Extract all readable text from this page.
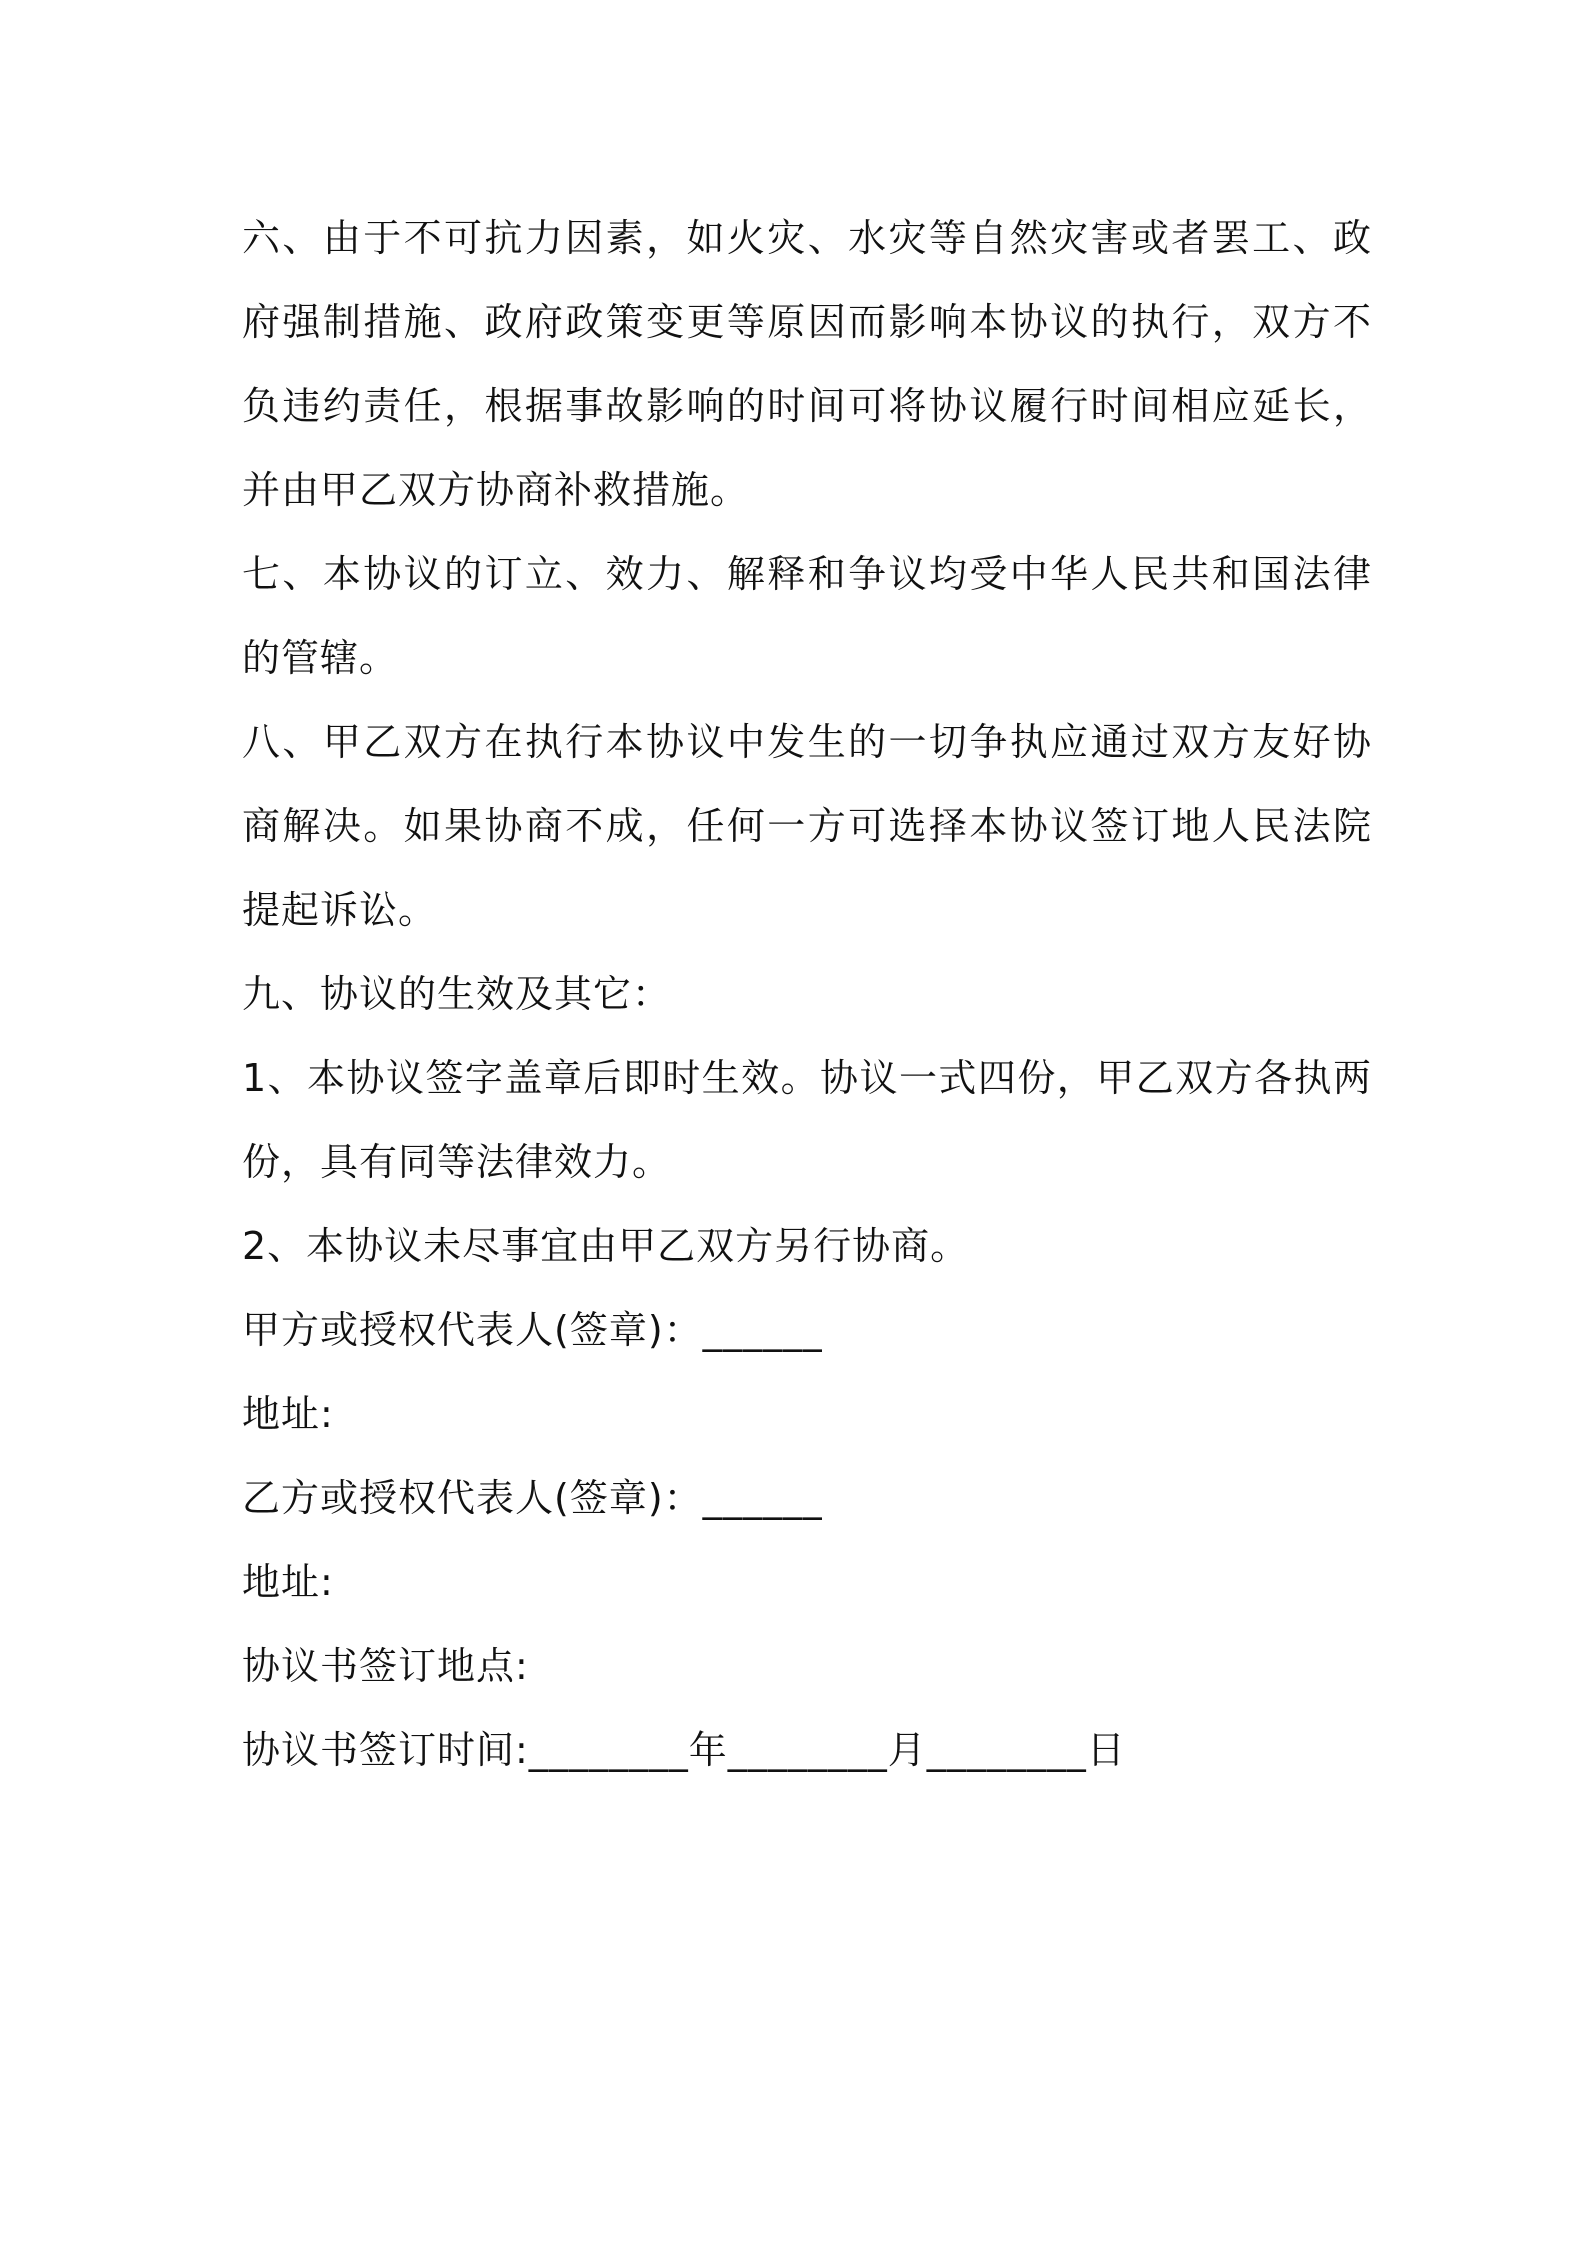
六、由于不可抗力因素，如火灾、水灾等自然灾害或者罢工、政府强制措施、政府政策变更等原因而影响本协议的执行，双方不负违约责任，根据事故影响的时间可将协议履行时间相应延长，并由甲乙双方协商补救措施。

七、本协议的订立、效力、解释和争议均受中华人民共和国法律的管辖。

八、甲乙双方在执行本协议中发生的一切争执应通过双方友好协商解决。如果协商不成，任何一方可选择本协议签订地人民法院提起诉讼。

九、协议的生效及其它：

1、本协议签字盖章后即时生效。协议一式四份，甲乙双方各执两份，具有同等法律效力。

2、本协议未尽事宜由甲乙双方另行协商。

甲方或授权代表人(签章)：______

地址:

乙方或授权代表人(签章)：______

地址:

协议书签订地点:

协议书签订时间:________年________月________日
